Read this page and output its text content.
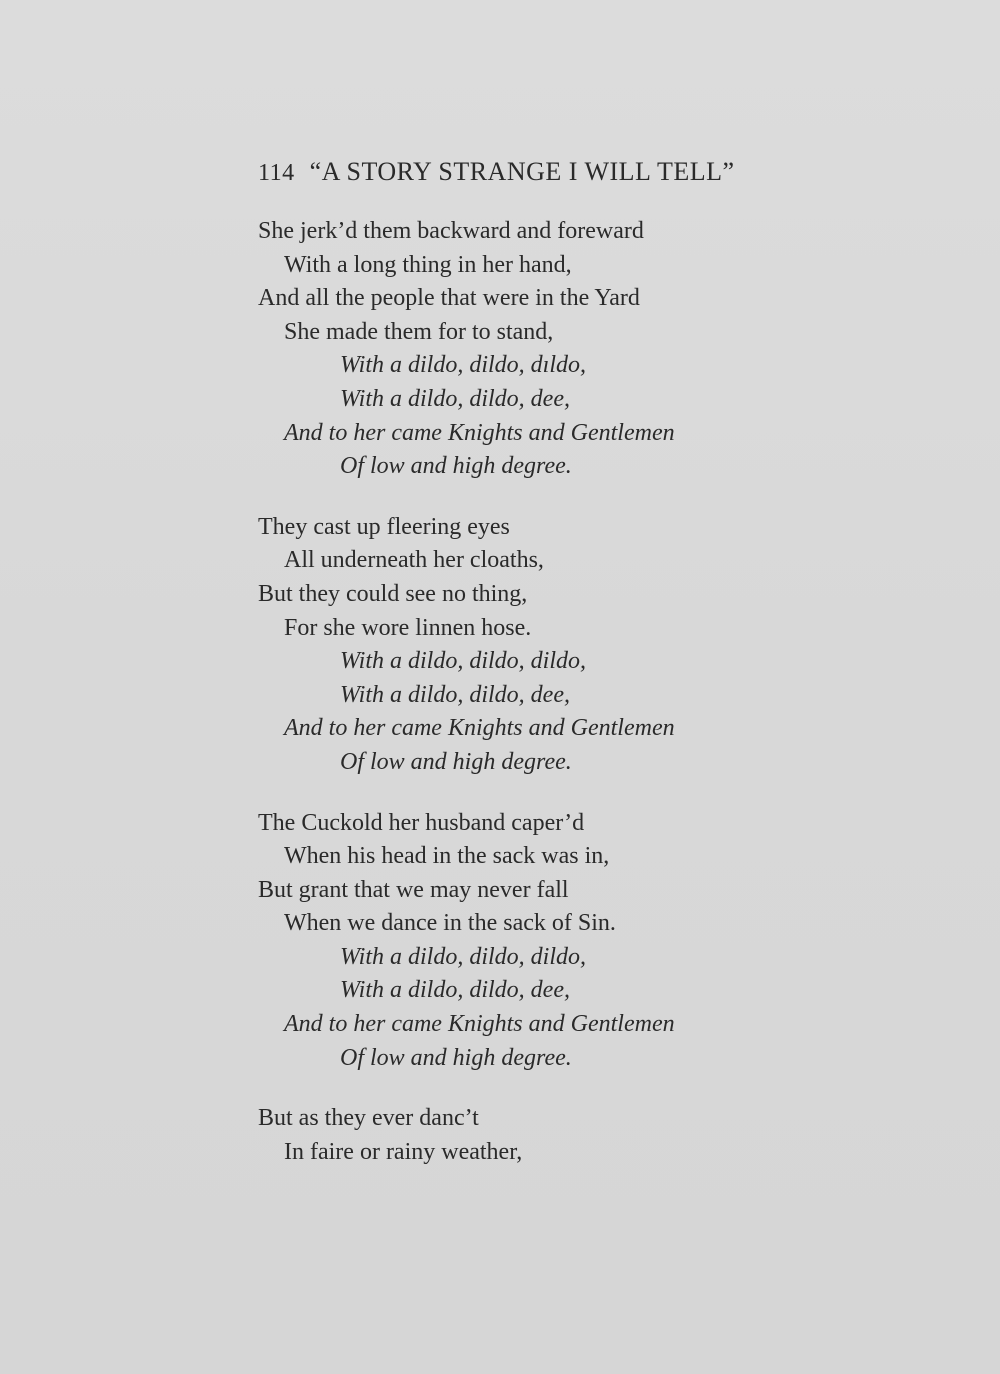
114 “A STORY STRANGE I WILL TELL”
She jerk’d them backward and foreward
With a long thing in her hand,
And all the people that were in the Yard
She made them for to stand,
With a dildo, dildo, dıldo,
With a dildo, dildo, dee,
And to her came Knights and Gentlemen
Of low and high degree.
They cast up fleering eyes
All underneath her cloaths,
But they could see no thing,
For she wore linnen hose.
With a dildo, dildo, dildo,
With a dildo, dildo, dee,
And to her came Knights and Gentlemen
Of low and high degree.
The Cuckold her husband caper’d
When his head in the sack was in,
But grant that we may never fall
When we dance in the sack of Sin.
With a dildo, dildo, dildo,
With a dildo, dildo, dee,
And to her came Knights and Gentlemen
Of low and high degree.
But as they ever danc’t
In faire or rainy weather,
